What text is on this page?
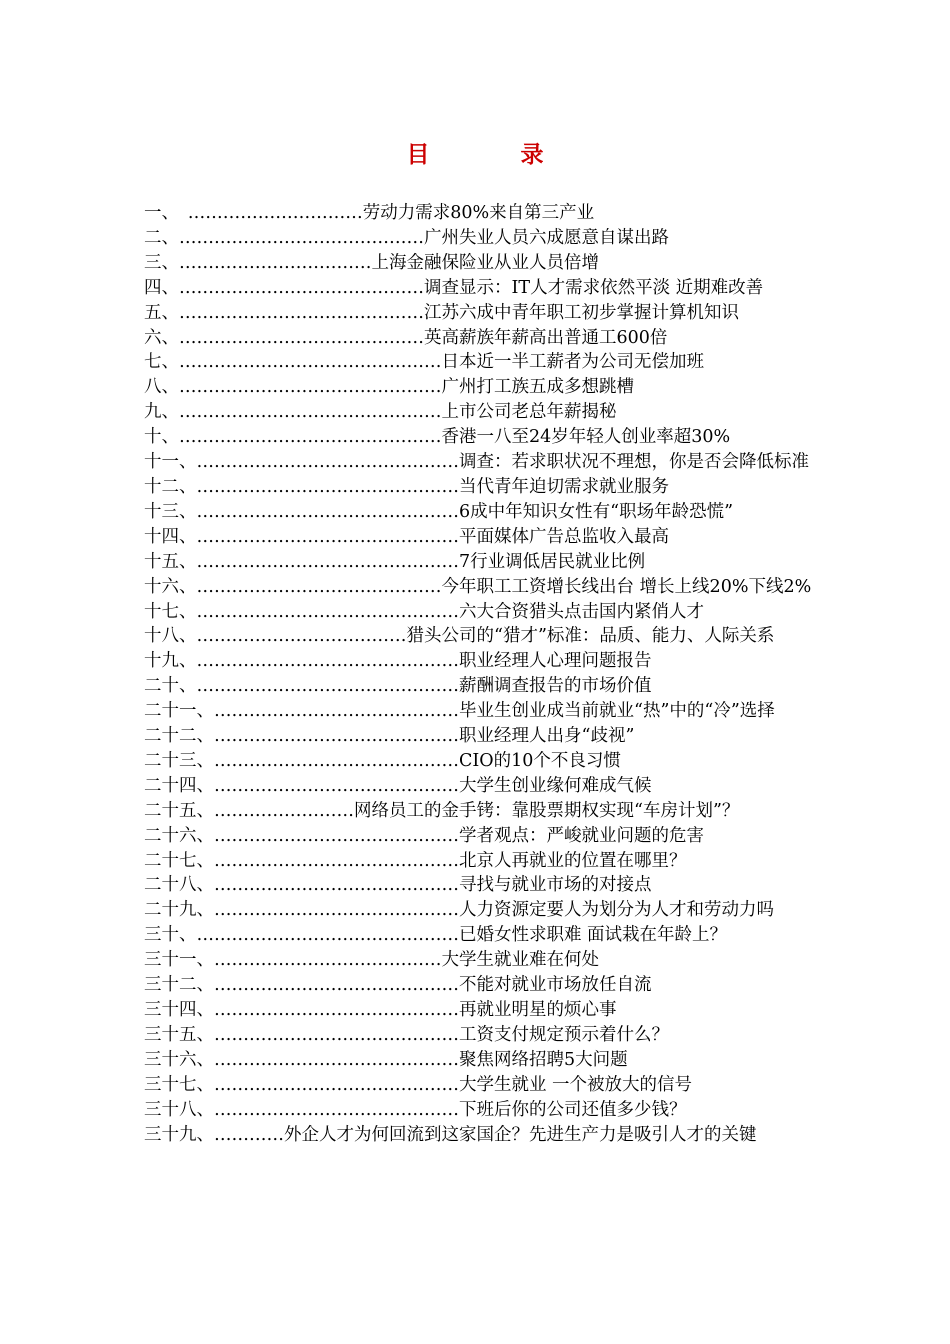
目　录
一、　…………………………劳动力需求80%来自第三产业
二、……………………………………广州失业人员六成愿意自谋出路
三、……………………………上海金融保险业从业人员倍增
四、……………………………………调查显示：IT人才需求依然平淡 近期难改善
五、……………………………………江苏六成中青年职工初步掌握计算机知识
六、……………………………………英高薪族年薪高出普通工600倍
七、………………………………………日本近一半工薪者为公司无偿加班
八、………………………………………广州打工族五成多想跳槽
九、………………………………………上市公司老总年薪揭秘
十、………………………………………香港一八至24岁年轻人创业率超30%
十一、………………………………………调查：若求职状况不理想，你是否会降低标准
十二、………………………………………当代青年迫切需求就业服务
十三、………………………………………6成中年知识女性有“职场年龄恐慌”
十四、………………………………………平面媒体广告总监收入最高
十五、………………………………………7行业调低居民就业比例
十六、……………………………………今年职工工资增长线出台 增长上线20%下线2%
十七、………………………………………六大合资猎头点击国内紧俏人才
十八、………………………………猎头公司的“猎才”标准：品质、能力、人际关系
十九、………………………………………职业经理人心理问题报告
二十、………………………………………薪酬调查报告的市场价值
二十一、……………………………………毕业生创业成当前就业“热”中的“冷”选择
二十二、……………………………………职业经理人出身“歧视”
二十三、……………………………………CIO的10个不良习惯
二十四、……………………………………大学生创业缘何难成气候
二十五、……………………网络员工的金手铐：靠股票期权实现“车房计划”？
二十六、……………………………………学者观点：严峻就业问题的危害
二十七、……………………………………北京人再就业的位置在哪里？
二十八、……………………………………寻找与就业市场的对接点
二十九、……………………………………人力资源定要人为划分为人才和劳动力吗
三十、………………………………………已婚女性求职难 面试栽在年龄上？
三十一、…………………………………大学生就业难在何处
三十二、……………………………………不能对就业市场放任自流
三十四、……………………………………再就业明星的烦心事
三十五、……………………………………工资支付规定预示着什么？
三十六、……………………………………聚焦网络招聘5大问题
三十七、……………………………………大学生就业 一个被放大的信号
三十八、……………………………………下班后你的公司还值多少钱？
三十九、…………外企人才为何回流到这家国企？先进生产力是吸引人才的关键
